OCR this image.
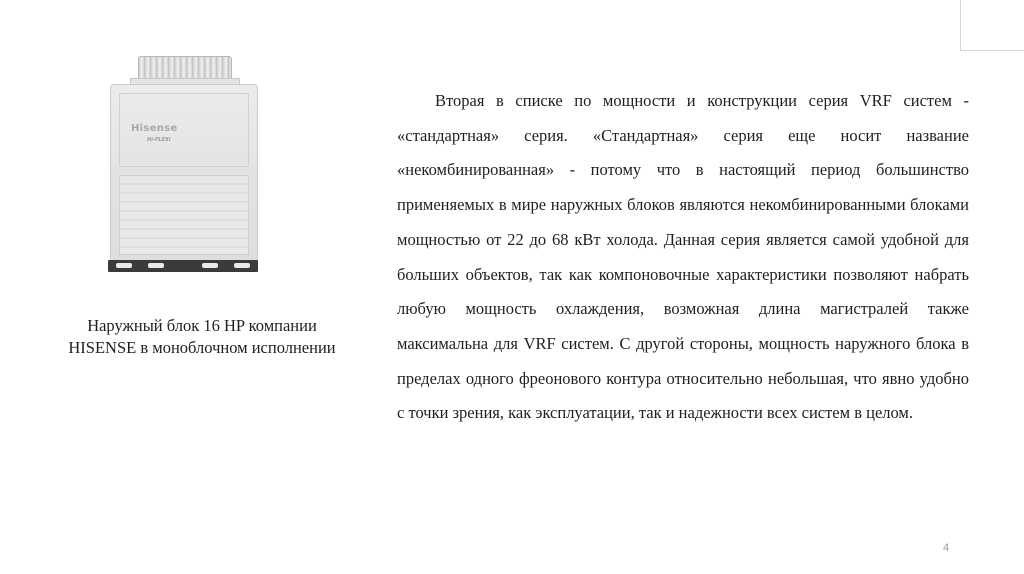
Hisense
Hi-FLEXi
Наружный блок 16 HP компании HISENSE в моноблочном исполнении
Вторая в списке по мощности и конструкции серия VRF систем - «стандартная» серия. «Стандартная» серия еще носит название «некомбинированная» - потому что в настоящий период большинство применяемых в мире наружных блоков являются некомбинированными блоками мощностью от 22 до 68 кВт холода. Данная серия является самой удобной для больших объектов, так как компоновочные характеристики позволяют набрать любую мощность охлаждения, возможная длина магистралей также максимальна для VRF систем. С другой стороны, мощность наружного блока в пределах одного фреонового контура относительно небольшая, что явно удобно с точки зрения, как эксплуатации, так и надежности всех систем в целом.
4
